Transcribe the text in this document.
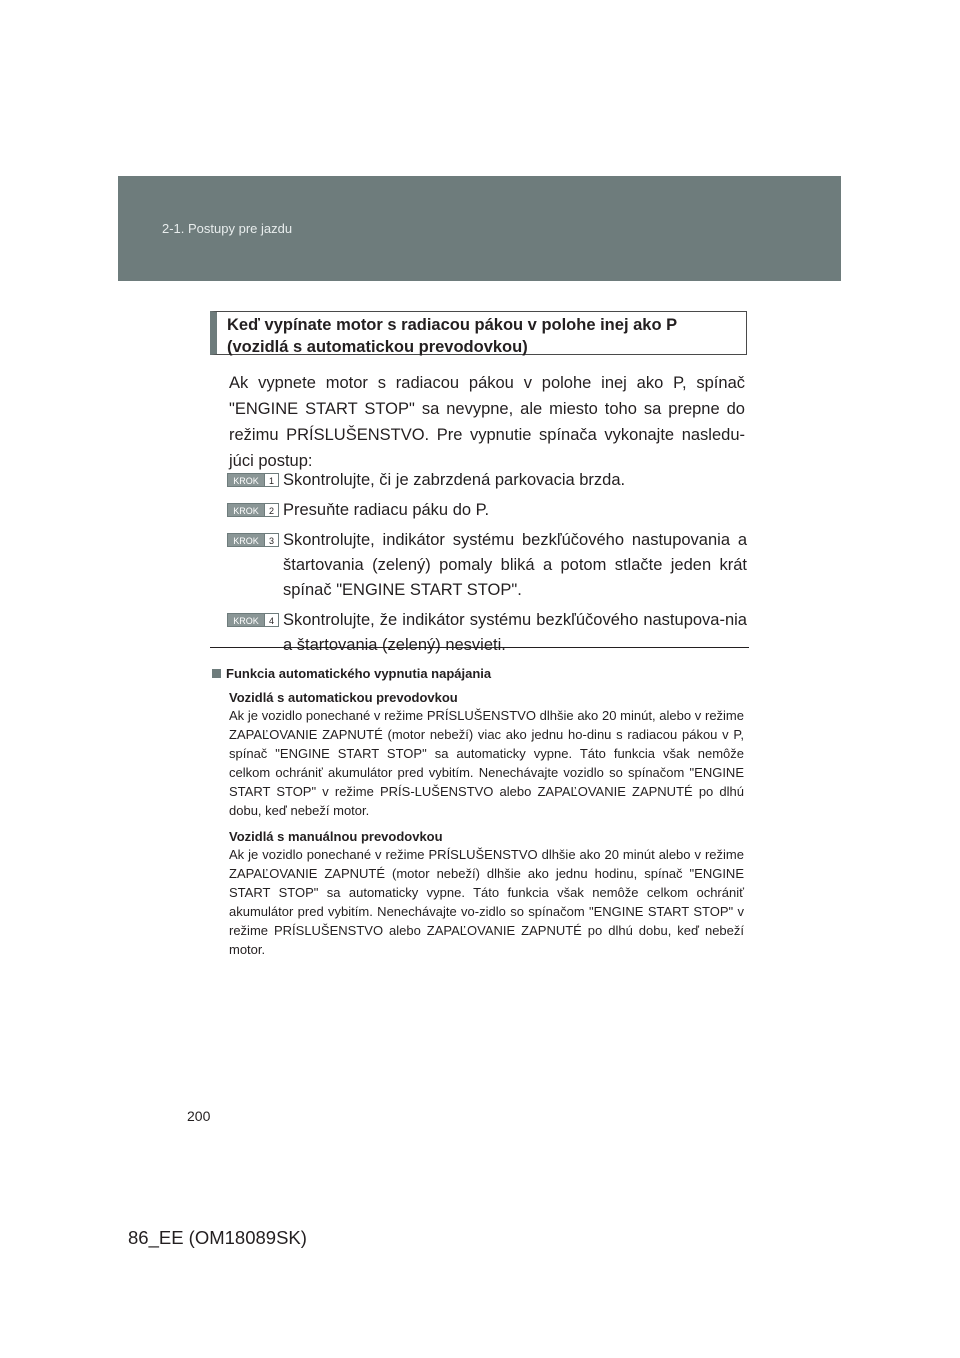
2-1. Postupy pre jazdu

Keď vypínate motor s radiacou pákou v polohe inej ako P
(vozidlá s automatickou prevodovkou)

Ak vypnete motor s radiacou pákou v polohe inej ako P, spínač "ENGINE START STOP" sa nevypne, ale miesto toho sa prepne do režimu PRÍSLUŠENSTVO. Pre vypnutie spínača vykonajte nasledu-júci postup:

KROK	1 Skontrolujte, či je zabrzdená parkovacia brzda.

KROK	2 Presuňte radiacu páku do P.

KROK	3 Skontrolujte, indikátor systému bezkľúčového nastupovania a štartovania (zelený) pomaly bliká a potom stlačte jeden krát spínač "ENGINE START STOP".

KROK	4 Skontrolujte, že indikátor systému bezkľúčového nastupova-nia a štartovania (zelený) nesvieti.

Funkcia automatického vypnutia napájania

Vozidlá s automatickou prevodovkou

Ak je vozidlo ponechané v režime PRÍSLUŠENSTVO dlhšie ako 20 minút, alebo v režime ZAPAĽOVANIE ZAPNUTÉ (motor nebeží) viac ako jednu ho-dinu s radiacou pákou v P, spínač "ENGINE START STOP" sa automaticky vypne. Táto funkcia však nemôže celkom ochrániť akumulátor pred vybitím. Nenechávajte vozidlo so spínačom "ENGINE START STOP" v režime PRÍS-LUŠENSTVO alebo ZAPAĽOVANIE ZAPNUTÉ po dlhú dobu, keď nebeží motor.

Vozidlá s manuálnou prevodovkou

Ak je vozidlo ponechané v režime PRÍSLUŠENSTVO dlhšie ako 20 minút alebo v režime ZAPAĽOVANIE ZAPNUTÉ (motor nebeží) dlhšie ako jednu hodinu, spínač "ENGINE START STOP" sa automaticky vypne. Táto funkcia však nemôže celkom ochrániť akumulátor pred vybitím. Nenechávajte vo-zidlo so spínačom "ENGINE START STOP" v režime PRÍSLUŠENSTVO alebo ZAPAĽOVANIE ZAPNUTÉ po dlhú dobu, keď nebeží motor.

200
86_EE (OM18089SK)
